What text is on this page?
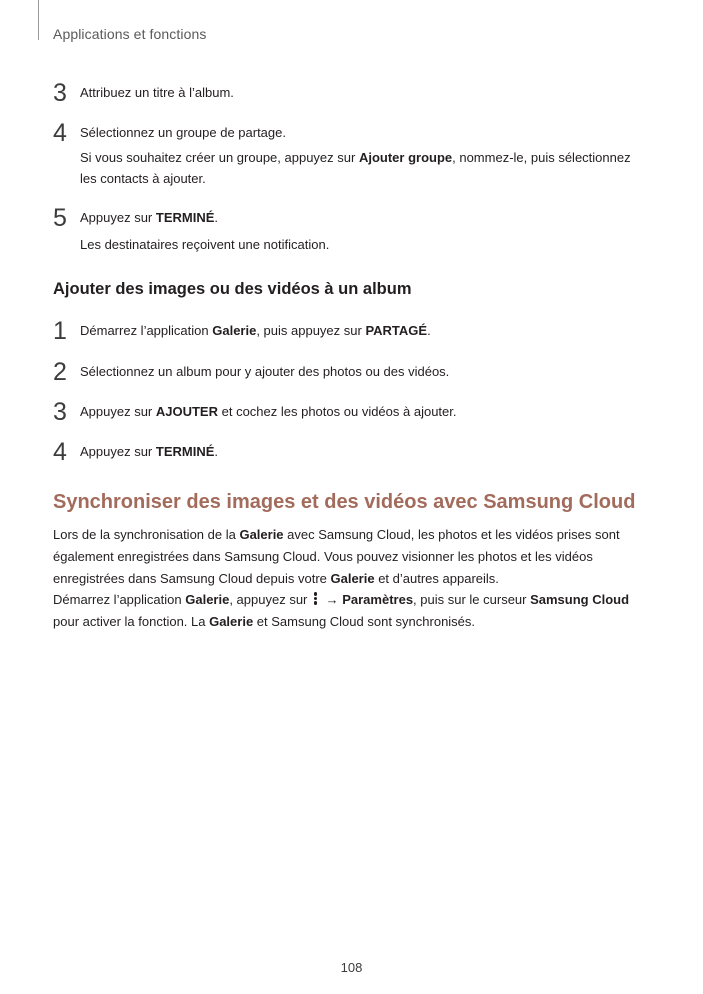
Applications et fonctions
3 Attribuez un titre à l’album.
4 Sélectionnez un groupe de partage.
Si vous souhaitez créer un groupe, appuyez sur Ajouter groupe, nommez-le, puis sélectionnez
les contacts à ajouter.
5 Appuyez sur TERMINÉ.
Les destinataires reçoivent une notification.
Ajouter des images ou des vidéos à un album
1 Démarrez l’application Galerie, puis appuyez sur PARTAGÉ.
2 Sélectionnez un album pour y ajouter des photos ou des vidéos.
3 Appuyez sur AJOUTER et cochez les photos ou vidéos à ajouter.
4 Appuyez sur TERMINÉ.
Synchroniser des images et des vidéos avec Samsung Cloud
Lors de la synchronisation de la Galerie avec Samsung Cloud, les photos et les vidéos prises sont
également enregistrées dans Samsung Cloud. Vous pouvez visionner les photos et les vidéos
enregistrées dans Samsung Cloud depuis votre Galerie et d’autres appareils.
Démarrez l’application Galerie, appuyez sur
→ Paramètres, puis sur le curseur Samsung Cloud
pour activer la fonction. La Galerie et Samsung Cloud sont synchronisés.
108
